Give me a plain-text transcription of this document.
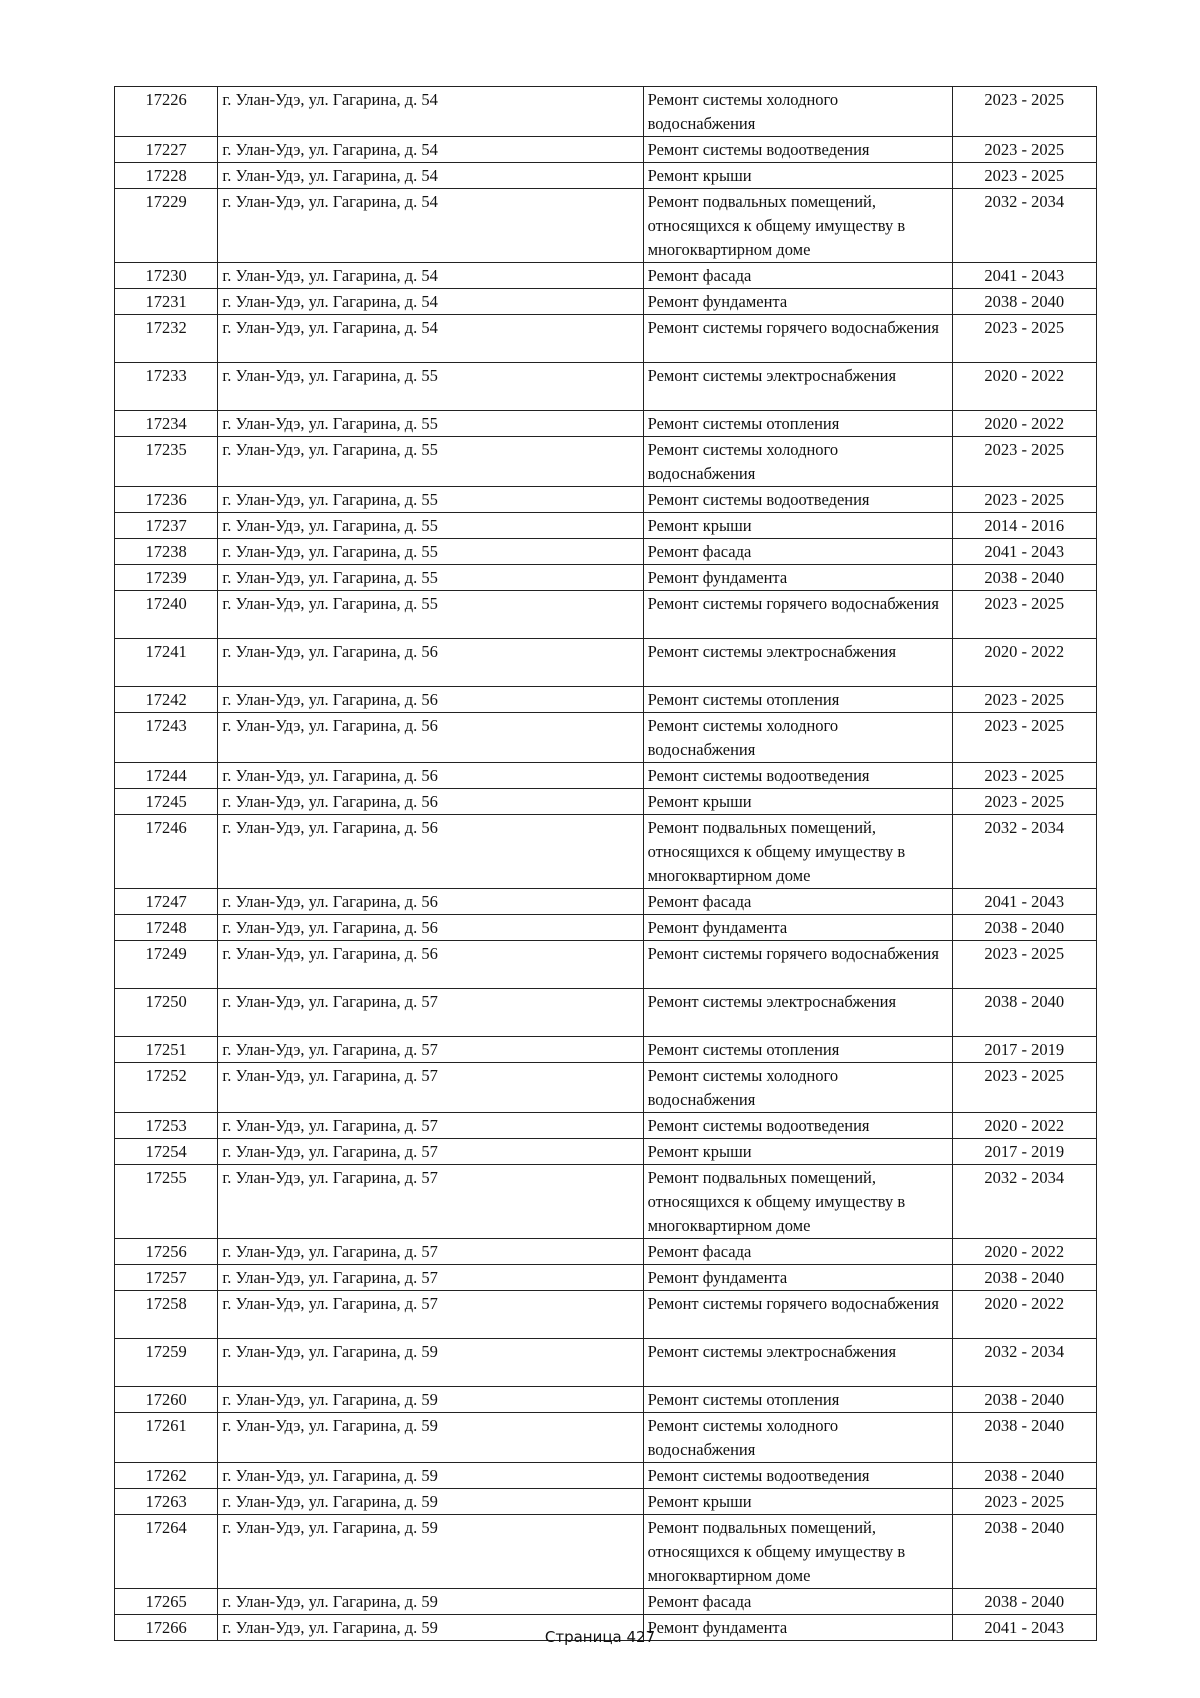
17226	г. Улан-Удэ, ул. Гагарина, д. 54	Ремонт системы холодного водоснабжения	2023 - 2025
17227	г. Улан-Удэ, ул. Гагарина, д. 54	Ремонт системы водоотведения	2023 - 2025
17228	г. Улан-Удэ, ул. Гагарина, д. 54	Ремонт крыши	2023 - 2025
17229	г. Улан-Удэ, ул. Гагарина, д. 54	Ремонт подвальных помещений, относящихся к общему имуществу в многоквартирном доме	2032 - 2034
17230	г. Улан-Удэ, ул. Гагарина, д. 54	Ремонт фасада	2041 - 2043
17231	г. Улан-Удэ, ул. Гагарина, д. 54	Ремонт фундамента	2038 - 2040
17232	г. Улан-Удэ, ул. Гагарина, д. 54	Ремонт системы горячего водоснабжения	2023 - 2025
17233	г. Улан-Удэ, ул. Гагарина, д. 55	Ремонт системы электроснабжения	2020 - 2022
17234	г. Улан-Удэ, ул. Гагарина, д. 55	Ремонт системы отопления	2020 - 2022
17235	г. Улан-Удэ, ул. Гагарина, д. 55	Ремонт системы холодного водоснабжения	2023 - 2025
17236	г. Улан-Удэ, ул. Гагарина, д. 55	Ремонт системы водоотведения	2023 - 2025
17237	г. Улан-Удэ, ул. Гагарина, д. 55	Ремонт крыши	2014 - 2016
17238	г. Улан-Удэ, ул. Гагарина, д. 55	Ремонт фасада	2041 - 2043
17239	г. Улан-Удэ, ул. Гагарина, д. 55	Ремонт фундамента	2038 - 2040
17240	г. Улан-Удэ, ул. Гагарина, д. 55	Ремонт системы горячего водоснабжения	2023 - 2025
17241	г. Улан-Удэ, ул. Гагарина, д. 56	Ремонт системы электроснабжения	2020 - 2022
17242	г. Улан-Удэ, ул. Гагарина, д. 56	Ремонт системы отопления	2023 - 2025
17243	г. Улан-Удэ, ул. Гагарина, д. 56	Ремонт системы холодного водоснабжения	2023 - 2025
17244	г. Улан-Удэ, ул. Гагарина, д. 56	Ремонт системы водоотведения	2023 - 2025
17245	г. Улан-Удэ, ул. Гагарина, д. 56	Ремонт крыши	2023 - 2025
17246	г. Улан-Удэ, ул. Гагарина, д. 56	Ремонт подвальных помещений, относящихся к общему имуществу в многоквартирном доме	2032 - 2034
17247	г. Улан-Удэ, ул. Гагарина, д. 56	Ремонт фасада	2041 - 2043
17248	г. Улан-Удэ, ул. Гагарина, д. 56	Ремонт фундамента	2038 - 2040
17249	г. Улан-Удэ, ул. Гагарина, д. 56	Ремонт системы горячего водоснабжения	2023 - 2025
17250	г. Улан-Удэ, ул. Гагарина, д. 57	Ремонт системы электроснабжения	2038 - 2040
17251	г. Улан-Удэ, ул. Гагарина, д. 57	Ремонт системы отопления	2017 - 2019
17252	г. Улан-Удэ, ул. Гагарина, д. 57	Ремонт системы холодного водоснабжения	2023 - 2025
17253	г. Улан-Удэ, ул. Гагарина, д. 57	Ремонт системы водоотведения	2020 - 2022
17254	г. Улан-Удэ, ул. Гагарина, д. 57	Ремонт крыши	2017 - 2019
17255	г. Улан-Удэ, ул. Гагарина, д. 57	Ремонт подвальных помещений, относящихся к общему имуществу в многоквартирном доме	2032 - 2034
17256	г. Улан-Удэ, ул. Гагарина, д. 57	Ремонт фасада	2020 - 2022
17257	г. Улан-Удэ, ул. Гагарина, д. 57	Ремонт фундамента	2038 - 2040
17258	г. Улан-Удэ, ул. Гагарина, д. 57	Ремонт системы горячего водоснабжения	2020 - 2022
17259	г. Улан-Удэ, ул. Гагарина, д. 59	Ремонт системы электроснабжения	2032 - 2034
17260	г. Улан-Удэ, ул. Гагарина, д. 59	Ремонт системы отопления	2038 - 2040
17261	г. Улан-Удэ, ул. Гагарина, д. 59	Ремонт системы холодного водоснабжения	2038 - 2040
17262	г. Улан-Удэ, ул. Гагарина, д. 59	Ремонт системы водоотведения	2038 - 2040
17263	г. Улан-Удэ, ул. Гагарина, д. 59	Ремонт крыши	2023 - 2025
17264	г. Улан-Удэ, ул. Гагарина, д. 59	Ремонт подвальных помещений, относящихся к общему имуществу в многоквартирном доме	2038 - 2040
17265	г. Улан-Удэ, ул. Гагарина, д. 59	Ремонт фасада	2038 - 2040
17266	г. Улан-Удэ, ул. Гагарина, д. 59	Ремонт фундамента	2041 - 2043
Страница 427
